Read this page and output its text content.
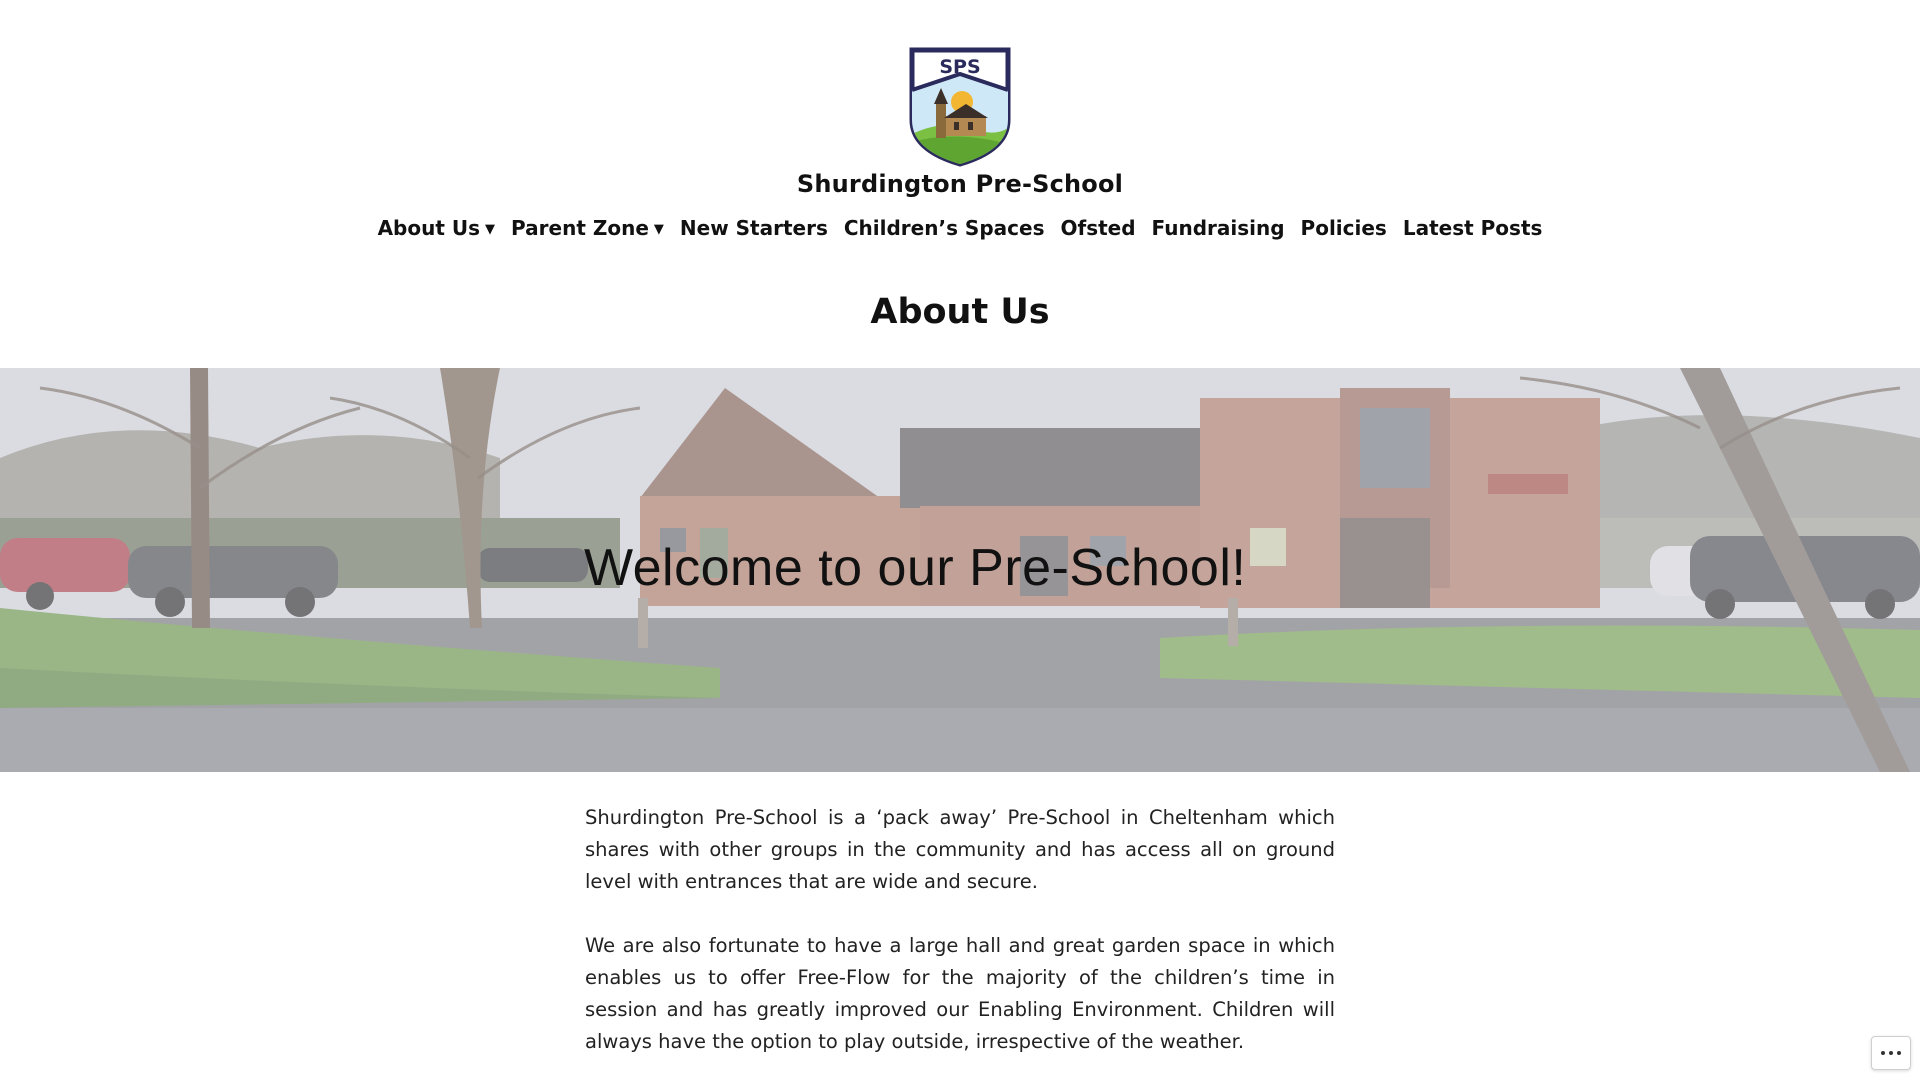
SPS
Shurdington Pre-School
About Us ▼ Parent Zone ▼ New Starters Children’s Spaces Ofsted Fundraising Policies Latest Posts
About Us
Welcome to our Pre-School!

Shurdington Pre-School is a ‘pack away’ Pre-School in Cheltenham which shares with other groups in the community and has access all on ground level with entrances that are wide and secure.

We are also fortunate to have a large hall and great garden space in which enables us to offer Free-Flow for the majority of the children’s time in session and has greatly improved our Enabling Environment. Children will always have the option to play outside, irrespective of the weather.
